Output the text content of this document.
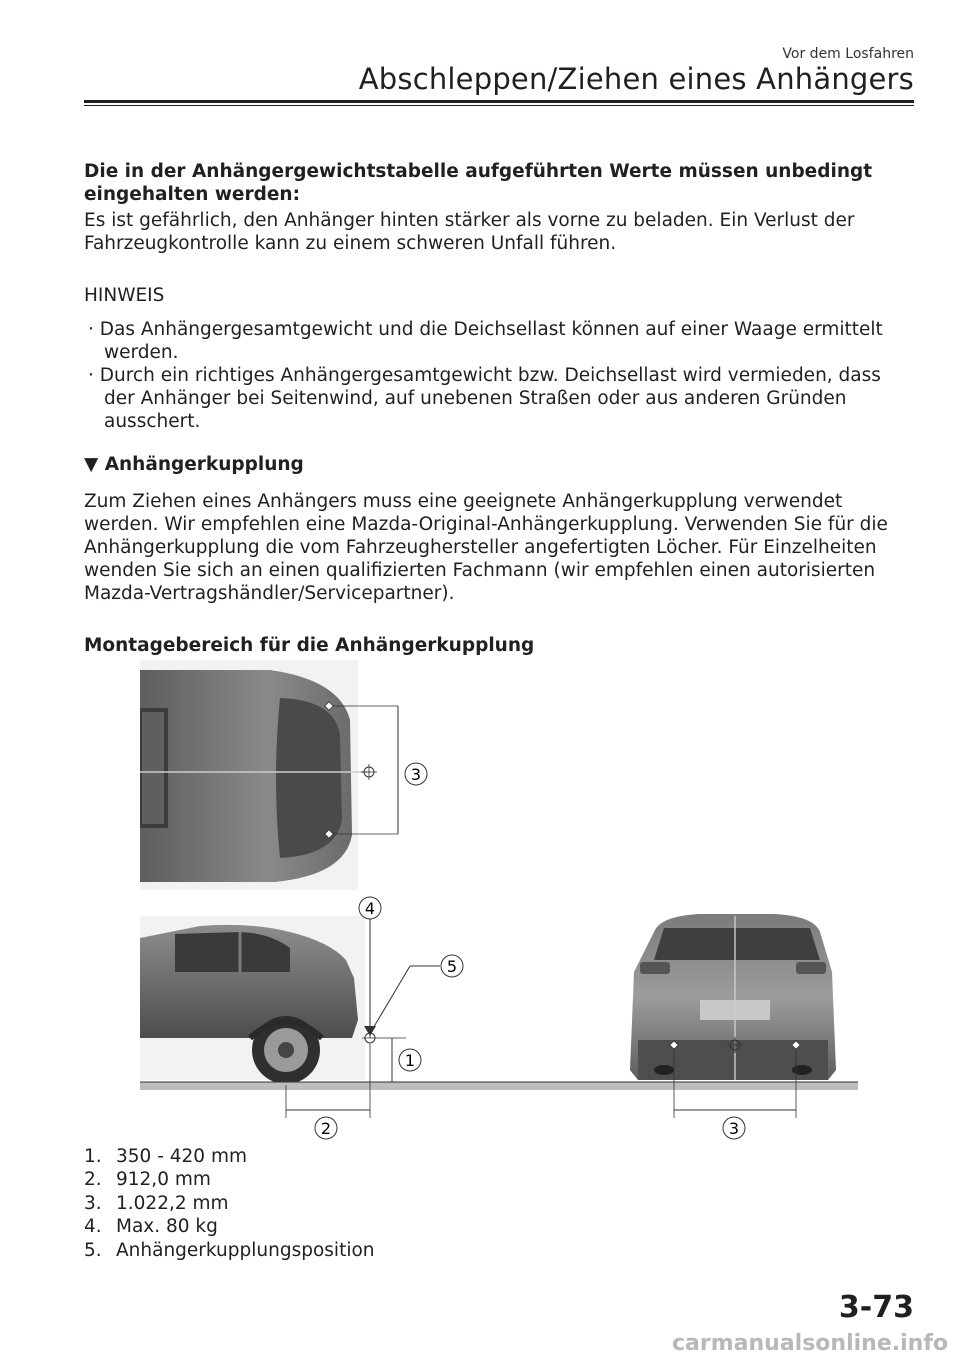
Vor dem Losfahren
Abschleppen/Ziehen eines Anhängers
Die in der Anhängergewichtstabelle aufgeführten Werte müssen unbedingt eingehalten werden:
Es ist gefährlich, den Anhänger hinten stärker als vorne zu beladen. Ein Verlust der
Fahrzeugkontrolle kann zu einem schweren Unfall führen.
HINWEIS
· Das Anhängergesamtgewicht und die Deichsellast können auf einer Waage ermittelt werden.
· Durch ein richtiges Anhängergesamtgewicht bzw. Deichsellast wird vermieden, dass der Anhänger bei Seitenwind, auf unebenen Straßen oder aus anderen Gründen ausschert.
▼ Anhängerkupplung
Zum Ziehen eines Anhängers muss eine geeignete Anhängerkupplung verwendet werden. Wir empfehlen eine Mazda-Original-Anhängerkupplung. Verwenden Sie für die Anhängerkupplung die vom Fahrzeughersteller angefertigten Löcher. Für Einzelheiten wenden Sie sich an einen qualifizierten Fachmann (wir empfehlen einen autorisierten Mazda-Vertragshändler/Servicepartner).
Montagebereich für die Anhängerkupplung
3
4
5
1
2	3
1. 350 - 420 mm
2. 912,0 mm
3. 1.022,2 mm
4. Max. 80 kg
5. Anhängerkupplungsposition
3-73
carmanualsonline.info
